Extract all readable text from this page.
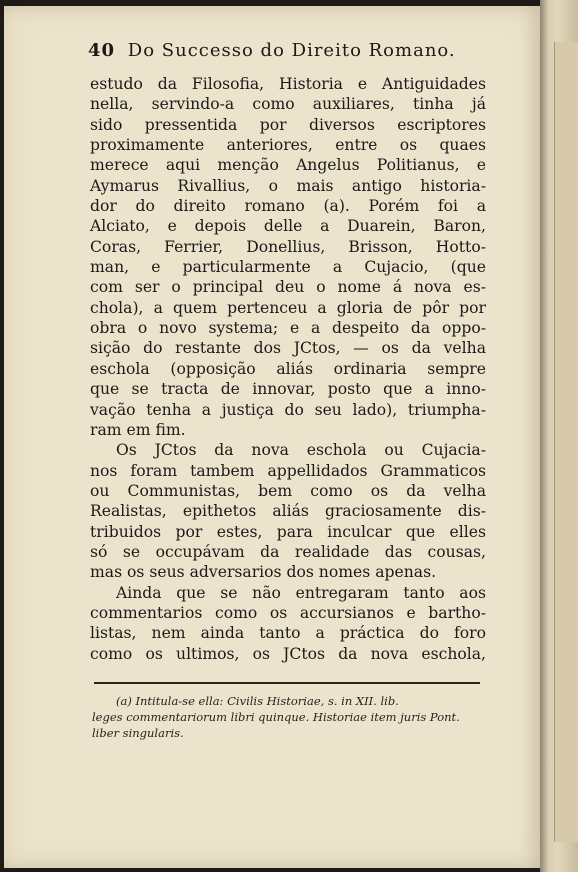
40 Do Successo do Direito Romano.
estudo da Filosofia, Historia e Antiguidades
nella, servindo-a como auxiliares, tinha já
sido pressentida por diversos escriptores
proximamente anteriores, entre os quaes
merece aqui menção Angelus Politianus, e
Aymarus Rivallius, o mais antigo historia-
dor do direito romano (a). Porém foi a
Alciato, e depois delle a Duarein, Baron,
Coras, Ferrier, Donellius, Brisson, Hotto-
man, e particularmente a Cujacio, (que
com ser o principal deu o nome á nova es-
chola), a quem pertenceu a gloria de pôr por
obra o novo systema; e a despeito da oppo-
sição do restante dos JCtos, — os da velha
eschola (opposição aliás ordinaria sempre
que se tracta de innovar, posto que a inno-
vação tenha a justiça do seu lado), triumpha-
ram em fim.
Os JCtos da nova eschola ou Cujacia-
nos foram tambem appellidados Grammaticos
ou Communistas, bem como os da velha
Realistas, epithetos aliás graciosamente dis-
tribuidos por estes, para inculcar que elles
só se occupávam da realidade das cousas,
mas os seus adversarios dos nomes apenas.
Ainda que se não entregaram tanto aos
commentarios como os accursianos e bartho-
listas, nem ainda tanto a práctica do foro
como os ultimos, os JCtos da nova eschola,
(a) Intitula-se ella: Civilis Historiae, s. in XII. lib.
leges commentariorum libri quinque. Historiae item juris Pont.
liber singularis.
